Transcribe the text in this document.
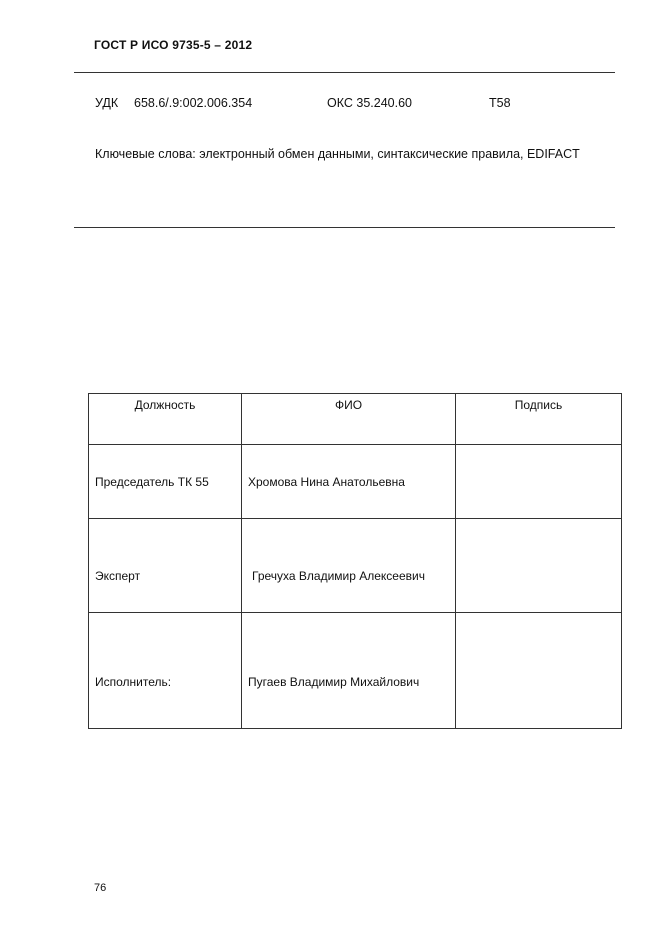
ГОСТ Р ИСО 9735-5 – 2012
УДК 658.6/.9:002.006.354	ОКС 35.240.60	Т58
Ключевые слова: электронный обмен данными, синтаксические правила, EDIFACT
Должность	ФИО	Подпись
Председатель ТК 55	Хромова Нина Анатольевна	
Эксперт	Гречуха Владимир Алексеевич	
Исполнитель:	Пугаев Владимир Михайлович	
76
